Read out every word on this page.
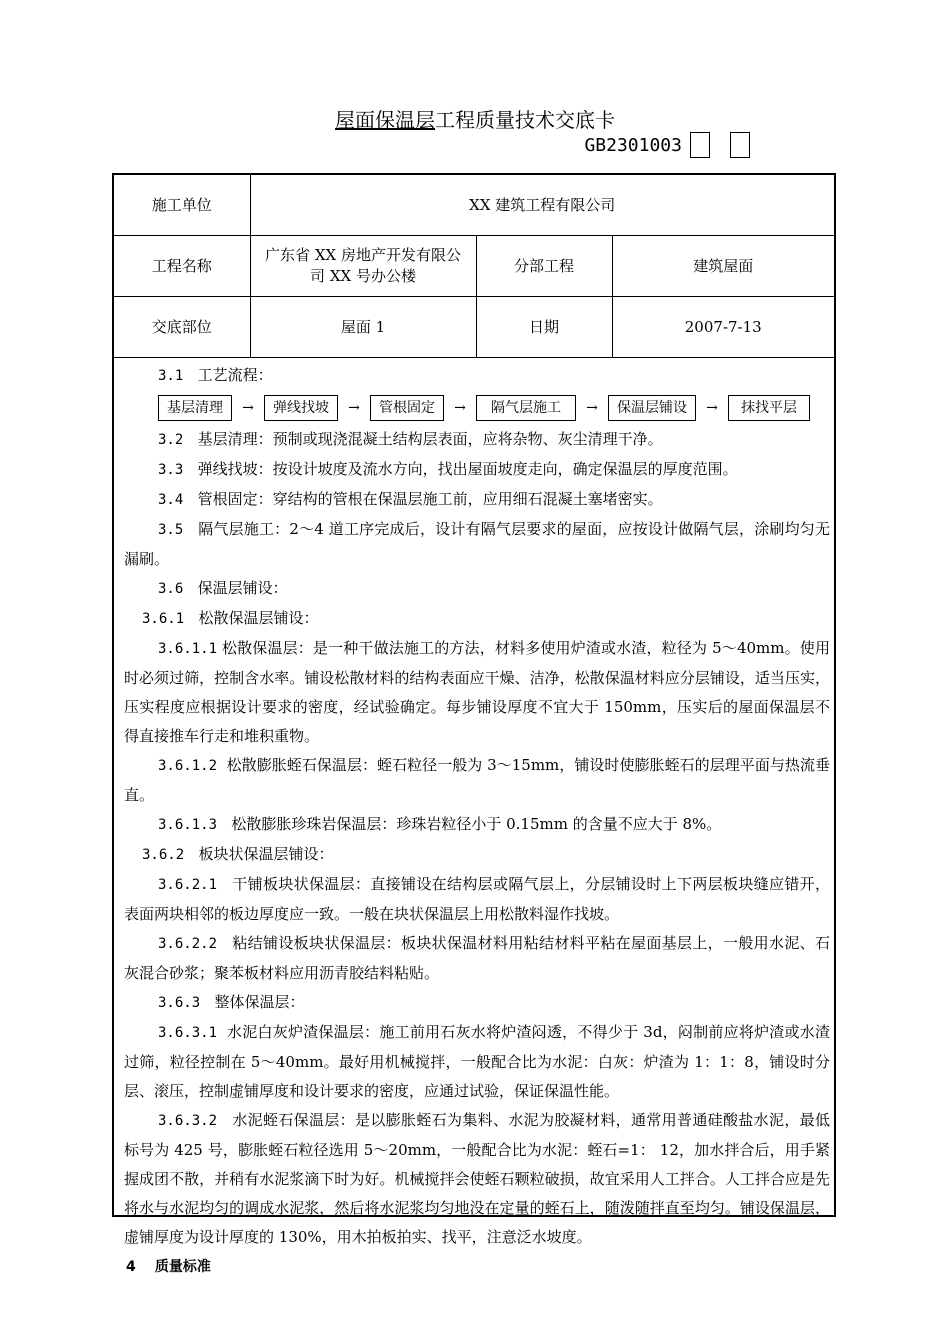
屋面保温层工程质量技术交底卡
GB2301003
施工单位	XX 建筑工程有限公司		
工程名称	广东省 XX 房地产开发有限公司 XX 号办公楼	分部工程	建筑屋面
交底部位	屋面 1	日期	2007-7-13

3.1 工艺流程：

基层清理	→	弹线找坡	→	管根固定	→	隔气层施工	→	保温层铺设	→	抹找平层

3.2 基层清理：预制或现浇混凝土结构层表面，应将杂物、灰尘清理干净。

3.3 弹线找坡：按设计坡度及流水方向，找出屋面坡度走向，确定保温层的厚度范围。

3.4 管根固定：穿结构的管根在保温层施工前，应用细石混凝土塞堵密实。

3.5 隔气层施工：2～4 道工序完成后，设计有隔气层要求的屋面，应按设计做隔气层，涂刷均匀无漏刷。

3.6 保温层铺设：

3.6.1 松散保温层铺设：

3.6.1.1 松散保温层：是一种干做法施工的方法，材料多使用炉渣或水渣，粒径为 5～40mm。使用时必须过筛，控制含水率。铺设松散材料的结构表面应干燥、洁净，松散保温材料应分层铺设，适当压实，压实程度应根据设计要求的密度，经试验确定。每步铺设厚度不宜大于 150mm，压实后的屋面保温层不得直接推车行走和堆积重物。

3.6.1.2 松散膨胀蛭石保温层：蛭石粒径一般为 3～15mm，铺设时使膨胀蛭石的层理平面与热流垂直。

3.6.1.3 松散膨胀珍珠岩保温层：珍珠岩粒径小于 0.15mm 的含量不应大于 8%。

3.6.2 板块状保温层铺设：

3.6.2.1 干铺板块状保温层：直接铺设在结构层或隔气层上，分层铺设时上下两层板块缝应错开，表面两块相邻的板边厚度应一致。一般在块状保温层上用松散料湿作找坡。

3.6.2.2 粘结铺设板块状保温层：板块状保温材料用粘结材料平粘在屋面基层上，一般用水泥、石灰混合砂浆；聚苯板材料应用沥青胶结料粘贴。

3.6.3 整体保温层：

3.6.3.1 水泥白灰炉渣保温层：施工前用石灰水将炉渣闷透，不得少于 3d，闷制前应将炉渣或水渣过筛，粒径控制在 5～40mm。最好用机械搅拌，一般配合比为水泥：白灰：炉渣为 1：1：8，铺设时分层、滚压，控制虚铺厚度和设计要求的密度，应通过试验，保证保温性能。

3.6.3.2 水泥蛭石保温层：是以膨胀蛭石为集料、水泥为胶凝材料，通常用普通硅酸盐水泥，最低标号为 425 号，膨胀蛭石粒径选用 5～20mm，一般配合比为水泥：蛭石=1： 12，加水拌合后，用手紧握成团不散，并稍有水泥浆滴下时为好。机械搅拌会使蛭石颗粒破损，故宜采用人工拌合。人工拌合应是先将水与水泥均匀的调成水泥浆，然后将水泥浆均匀地没在定量的蛭石上，随泼随拌直至均匀。铺设保温层，虚铺厚度为设计厚度的 130%，用木拍板拍实、找平，注意泛水坡度。

4 质量标准
